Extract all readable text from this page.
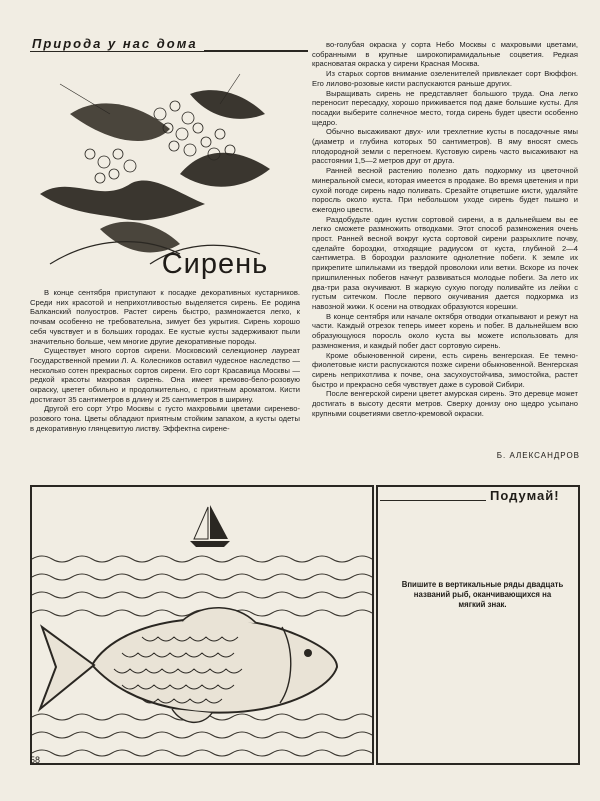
Природа у нас дома
Сирень

В конце сентября приступают к посадке декоративных кустарников. Среди них красотой и неприхотливостью выделяется сирень. Ее родина Балканский полуостров. Растет сирень быстро, размножается легко, к почвам особенно не требовательна, зимует без укрытия. Сирень хорошо себя чувствует и в больших городах. Ее кустые кусты задерживают пыли значительно больше, чем многие другие декоративные породы.

Существует много сортов сирени. Московский селекционер лауреат Государственной премии Л. А. Колесников оставил чудесное наследство — несколько сотен прекрасных сортов сирени. Его сорт Красавица Москвы — редкой красоты махровая сирень. Она имеет кремово-бело-розовую окраску, цветет обильно и продолжительно, с приятным ароматом. Кисти достигают 35 сантиметров в длину и 25 сантиметров в ширину.

Другой его сорт Утро Москвы с густо махровыми цветами сиренево-розового тона. Цветы обладают приятным стойким запахом, а кусты одеты в декоративную глянцевитую листву. Эффектна сирене-

во-голубая окраска у сорта Небо Москвы с махровыми цветами, собранными в крупные широкопирамидальные соцветия. Редкая красноватая окраска у сирени Красная Москва.

Из старых сортов внимание озеленителей привлекает сорт Вюффон. Его лилово-розовые кисти распускаются раньше других.

Выращивать сирень не представляет большого труда. Она легко переносит пересадку, хорошо приживается под даже большие кусты. Для посадки выберите солнечное место, тогда сирень будет цвести особенно щедро.

Обычно высаживают двух- или трехлетние кусты в посадочные ямы (диаметр и глубина которых 50 сантиметров). В яму вносят смесь плодородной земли с перегноем. Кустовую сирень часто высаживают на расстоянии 1,5—2 метров друг от друга.

Ранней весной растению полезно дать подкормку из цветочной минеральной смеси, которая имеется в продаже. Во время цветения и при сухой погоде сирень надо поливать. Срезайте отцветшие кисти, удаляйте поросль около куста. При небольшом уходе сирень будет пышно и ежегодно цвести.

Раздобудьте один кустик сортовой сирени, а в дальнейшем вы ее легко сможете размножить отводками. Этот способ размножения очень прост. Ранней весной вокруг куста сортовой сирени разрыхлите почву, сделайте бороздки, отходящие радиусом от куста, глубиной 2—4 сантиметра. В бороздки разложите однолетние побеги. К земле их прикрепите шпильками из твердой проволоки или ветки. Вскоре из почек пришпиленных побегов начнут развиваться молодые побеги. За лето их два-три раза окучивают. В жаркую сухую погоду поливайте из лейки с густым ситечком. После первого окучивания дается подкормка из навозной жижи. К осени на отводках образуются корешки.

В конце сентября или начале октября отводки откапывают и режут на части. Каждый отрезок теперь имеет корень и побег. В дальнейшем всю образующуюся поросль около куста вы можете использовать для размножения, и каждый побег даст сортовую сирень.

Кроме обыкновенной сирени, есть сирень венгерская. Ее темно-фиолетовые кисти распускаются позже сирени обыкновенной. Венгерская сирень неприхотлива к почве, она засухоустойчива, зимостойка, растет быстро и прекрасно себя чувствует даже в суровой Сибири.

После венгерской сирени цветет амурская сирень. Это деревце может достигать в высоту десяти метров. Сверху донизу оно щедро усыпано крупными соцветиями светло-кремовой окраски.

Б. АЛЕКСАНДРОВ
Подумай!
Впишите в вертикальные ряды двадцать названий рыб, оканчивающихся на мягкий знак.
58
